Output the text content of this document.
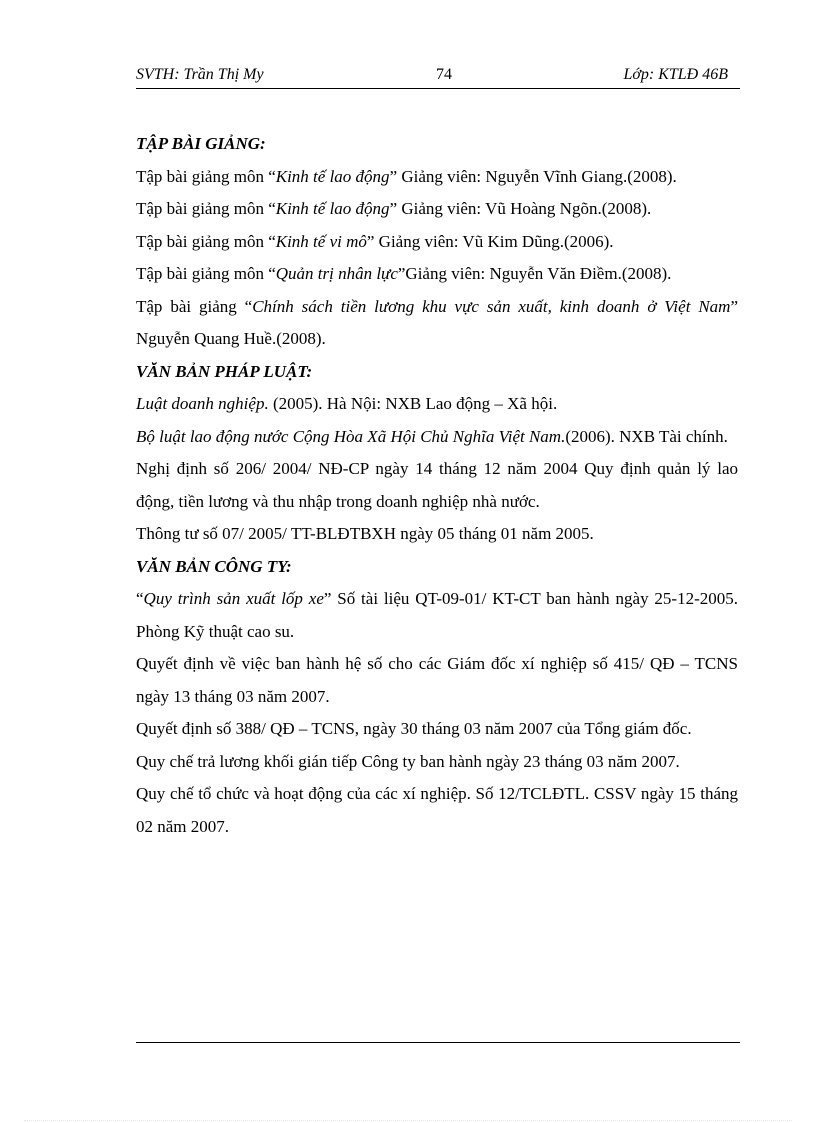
SVTH: Trần Thị My	74	Lớp: KTLĐ 46B

TẬP BÀI GIẢNG:

Tập bài giảng môn “Kinh tế lao động” Giảng viên: Nguyễn Vĩnh Giang.(2008).

Tập bài giảng môn “Kinh tế lao động” Giảng viên: Vũ Hoàng Ngõn.(2008).

Tập bài giảng môn “Kinh tế vi mô” Giảng viên: Vũ Kim Dũng.(2006).

Tập bài giảng môn “Quản trị nhân lực”Giảng viên: Nguyễn Văn Điềm.(2008).

Tập bài giảng “Chính sách tiền lương khu vực sản xuất, kinh doanh ở Việt Nam” Nguyễn Quang Huề.(2008).

VĂN BẢN PHÁP LUẬT:

Luật doanh nghiệp. (2005). Hà Nội: NXB Lao động – Xã hội.

Bộ luật lao động nước Cộng Hòa Xã Hội Chủ Nghĩa Việt Nam.(2006). NXB Tài chính.

Nghị định số 206/ 2004/ NĐ-CP ngày 14 tháng 12 năm 2004 Quy định quản lý lao động, tiền lương và thu nhập trong doanh nghiệp nhà nước.

Thông tư số 07/ 2005/ TT-BLĐTBXH ngày 05 tháng 01 năm 2005.

VĂN BẢN CÔNG TY:

“Quy trình sản xuất lốp xe” Số tài liệu QT-09-01/ KT-CT ban hành ngày 25-12-2005. Phòng Kỹ thuật cao su.

Quyết định về việc ban hành hệ số cho các Giám đốc xí nghiệp số 415/ QĐ – TCNS ngày 13 tháng 03 năm 2007.

Quyết định số 388/ QĐ – TCNS, ngày 30 tháng 03 năm 2007 của Tổng giám đốc.

Quy chế trả lương khối gián tiếp Công ty ban hành ngày 23 tháng 03 năm 2007.

Quy chế tổ chức và hoạt động của các xí nghiệp. Số 12/TCLĐTL. CSSV ngày 15 tháng 02 năm 2007.
